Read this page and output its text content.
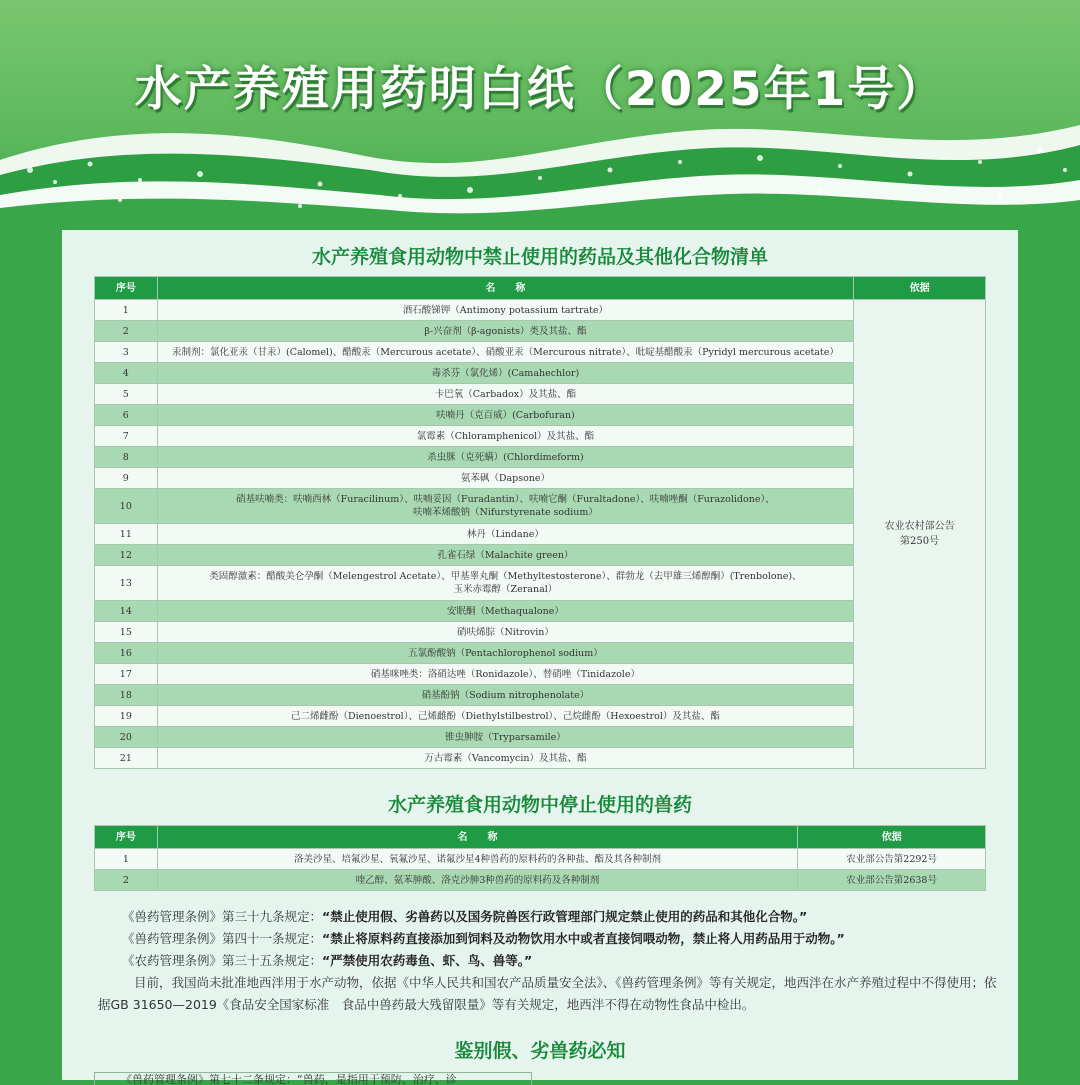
水产养殖用药明白纸（2025年1号）
水产养殖食用动物中禁止使用的药品及其他化合物清单
序号	名　　称	依据
1	酒石酸锑钾（Antimony potassium tartrate）	农业农村部公告
第250号
2	β-兴奋剂（β-agonists）类及其盐、酯	
3	汞制剂：氯化亚汞（甘汞）(Calomel)、醋酸汞（Mercurous acetate）、硝酸亚汞（Mercurous nitrate）、吡啶基醋酸汞（Pyridyl mercurous acetate）	
4	毒杀芬（氯化烯）(Camahechlor)	
5	卡巴氧（Carbadox）及其盐、酯	
6	呋喃丹（克百威）(Carbofuran)	
7	氯霉素（Chloramphenicol）及其盐、酯	
8	杀虫脒（克死螨）(Chlordimeform)	
9	氨苯砜（Dapsone）	
10	硝基呋喃类：呋喃西林（Furacilinum）、呋喃妥因（Furadantin）、呋喃它酮（Furaltadone）、呋喃唑酮（Furazolidone）、
呋喃苯烯酸钠（Nifurstyrenate sodium）	
11	林丹（Lindane）	
12	孔雀石绿（Malachite green）	
13	类固醇激素：醋酸美仑孕酮（Melengestrol Acetate）、甲基睾丸酮（Methyltestosterone）、群勃龙（去甲雄三烯醇酮）(Trenbolone)、
玉米赤霉醇（Zeranal）	
14	安眠酮（Methaqualone）	
15	硝呋烯腙（Nitrovin）	
16	五氯酚酸钠（Pentachlorophenol sodium）	
17	硝基咪唑类：洛硝达唑（Ronidazole）、替硝唑（Tinidazole）	
18	硝基酚钠（Sodium nitrophenolate）	
19	己二烯雌酚（Dienoestrol）、己烯雌酚（Diethylstilbestrol）、己烷雌酚（Hexoestrol）及其盐、酯	
20	锥虫胂胺（Tryparsamile）	
21	万古霉素（Vancomycin）及其盐、酯	
水产养殖食用动物中停止使用的兽药
序号	名　　称	依据
1	洛美沙星、培氟沙星、氧氟沙星、诺氟沙星4种兽药的原料药的各种盐、酯及其各种制剂	农业部公告第2292号
2	喹乙醇、氨苯胂酸、洛克沙胂3种兽药的原料药及各种制剂	农业部公告第2638号

《兽药管理条例》第三十九条规定：“禁止使用假、劣兽药以及国务院兽医行政管理部门规定禁止使用的药品和其他化合物。”

《兽药管理条例》第四十一条规定：“禁止将原料药直接添加到饲料及动物饮用水中或者直接饲喂动物，禁止将人用药品用于动物。”

《农药管理条例》第三十五条规定：“严禁使用农药毒鱼、虾、鸟、兽等。”

目前，我国尚未批准地西泮用于水产动物，依据《中华人民共和国农产品质量安全法》、《兽药管理条例》等有关规定，地西泮在水产养殖过程中不得使用；依据GB 31650—2019《食品安全国家标准　食品中兽药最大残留限量》等有关规定，地西泮不得在动物性食品中检出。

鉴别假、劣兽药必知
《兽药管理条例》第七十二条规定：“兽药，是指用于预防、治疗、诊
